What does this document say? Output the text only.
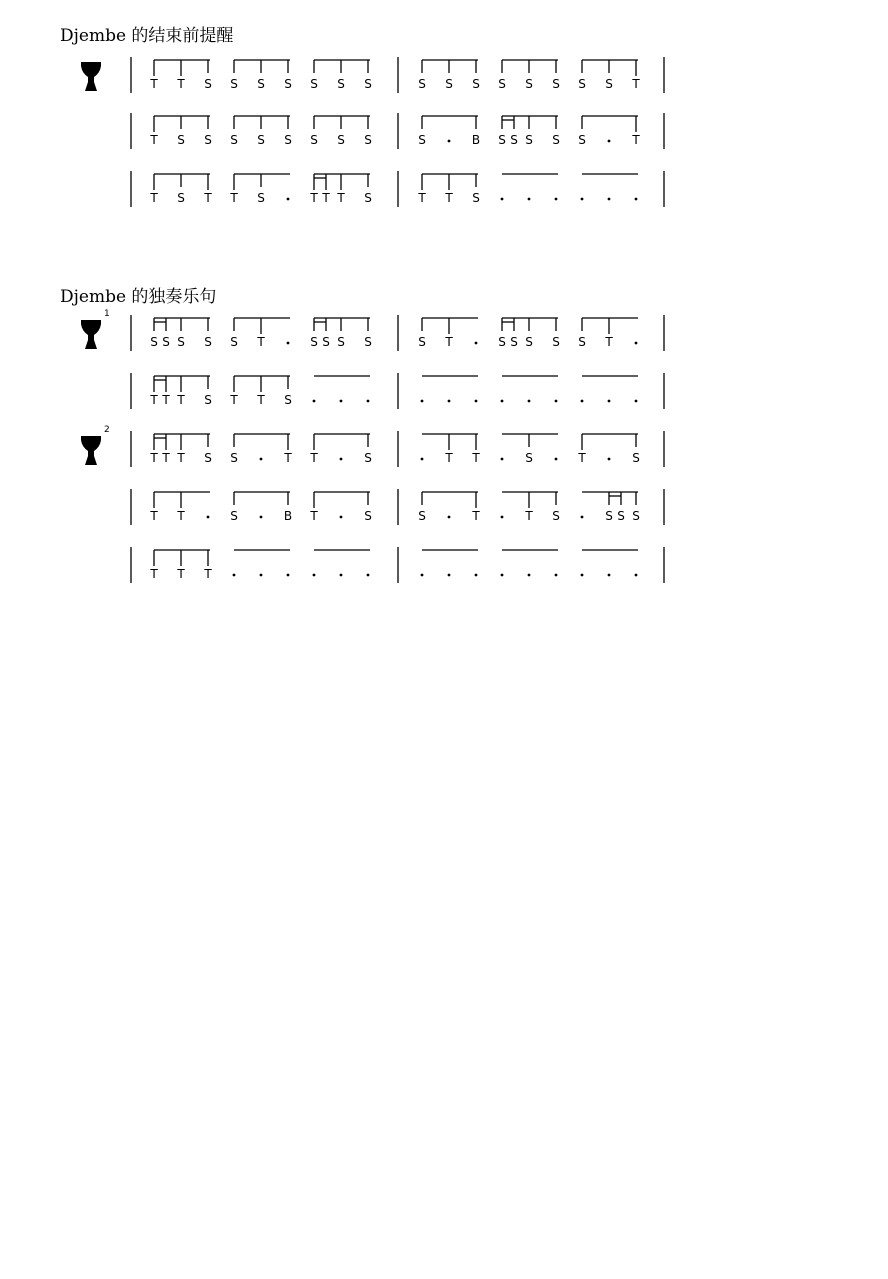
Djembe 的结束前提醒
Djembe 的独奏乐句
T T S S S S S S S	S S S S S S S S T
T S S S S S S S S	S	B S S S S S	T
T S T T S	T T T S	T T S
1
S S S S S T	S S S S	S T	S S S S S T
T T T S T T S
2
T T T S S	T T	S	T T	S	T	S
T T	S	B T	S	S	T	T S	S S S
T T T
